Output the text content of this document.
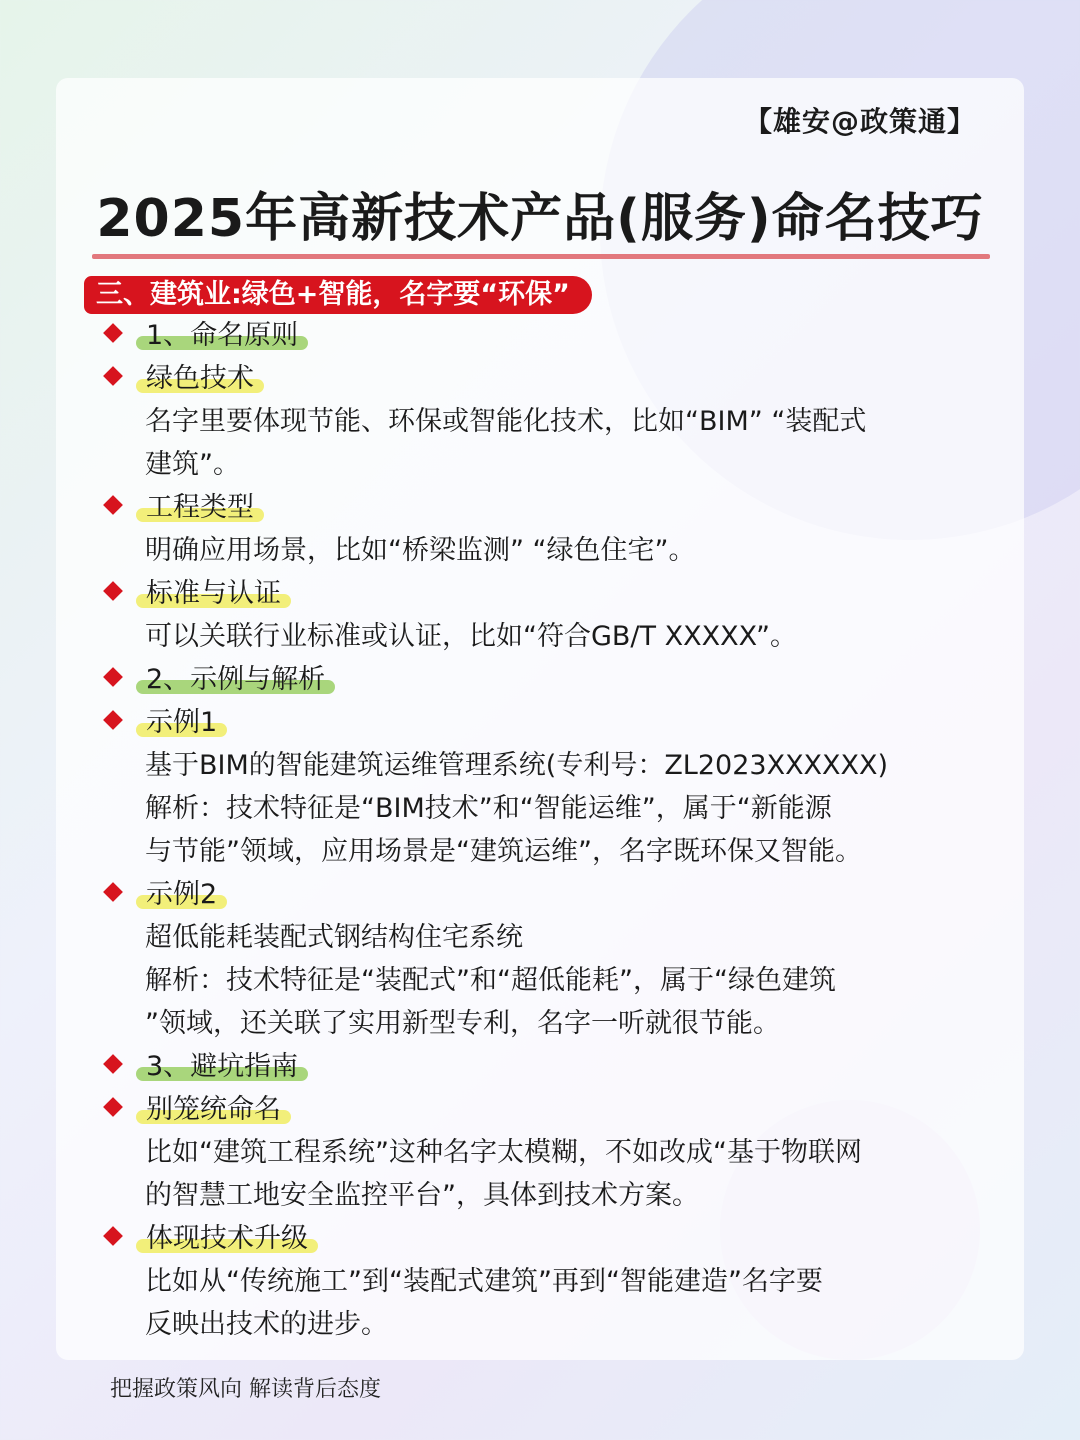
【雄安@政策通】
2025年高新技术产品(服务)命名技巧
三、建筑业:绿色+智能，名字要“环保”
1、命名原则
绿色技术
名字里要体现节能、环保或智能化技术，比如“BIM” “装配式
建筑”。
工程类型
明确应用场景，比如“桥梁监测” “绿色住宅”。
标准与认证
可以关联行业标准或认证，比如“符合GB/T XXXXX”。
2、示例与解析
示例1
基于BIM的智能建筑运维管理系统(专利号：ZL2023XXXXXX)
解析：技术特征是“BIM技术”和“智能运维”，属于“新能源
与节能”领域，应用场景是“建筑运维”，名字既环保又智能。
示例2
超低能耗装配式钢结构住宅系统
解析：技术特征是“装配式”和“超低能耗”，属于“绿色建筑
”领域，还关联了实用新型专利，名字一听就很节能。
3、避坑指南
别笼统命名
比如“建筑工程系统”这种名字太模糊，不如改成“基于物联网
的智慧工地安全监控平台”，具体到技术方案。
体现技术升级
比如从“传统施工”到“装配式建筑”再到“智能建造”名字要
反映出技术的进步。
把握政策风向 解读背后态度
